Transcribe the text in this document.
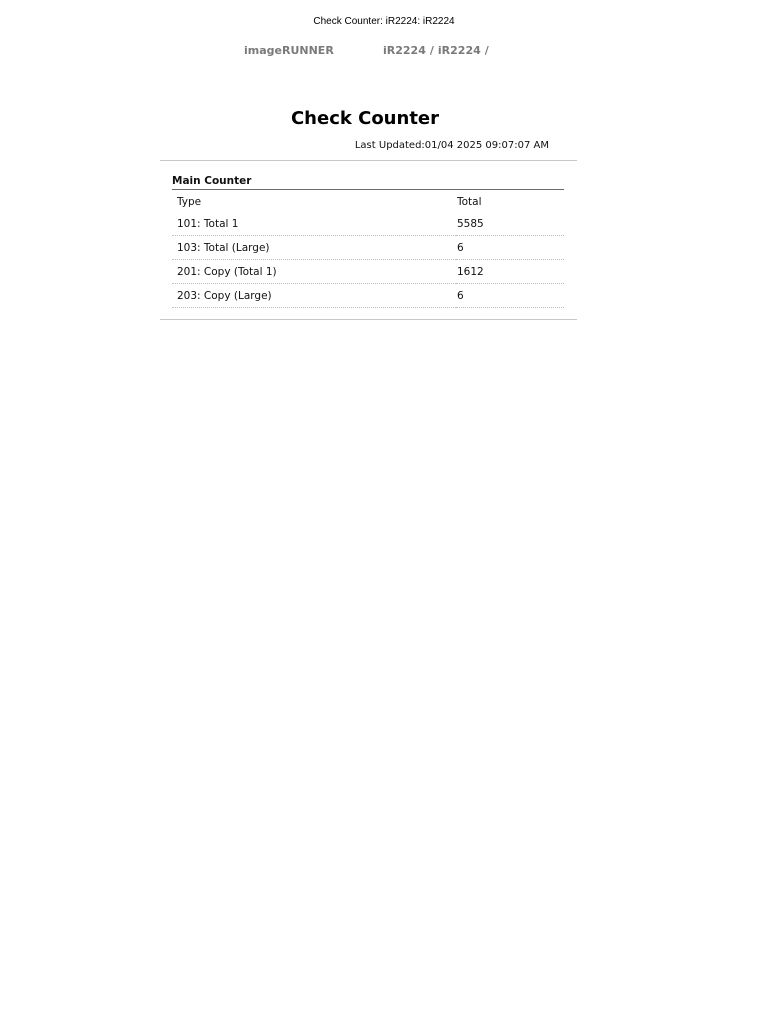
Check Counter: iR2224: iR2224
imageRUNNER	iR2224 / iR2224 /
Check Counter
Last Updated:01/04 2025 09:07:07 AM
Main Counter
Type	Total
101: Total 1	5585
103: Total (Large)	6
201: Copy (Total 1)	1612
203: Copy (Large)	6
